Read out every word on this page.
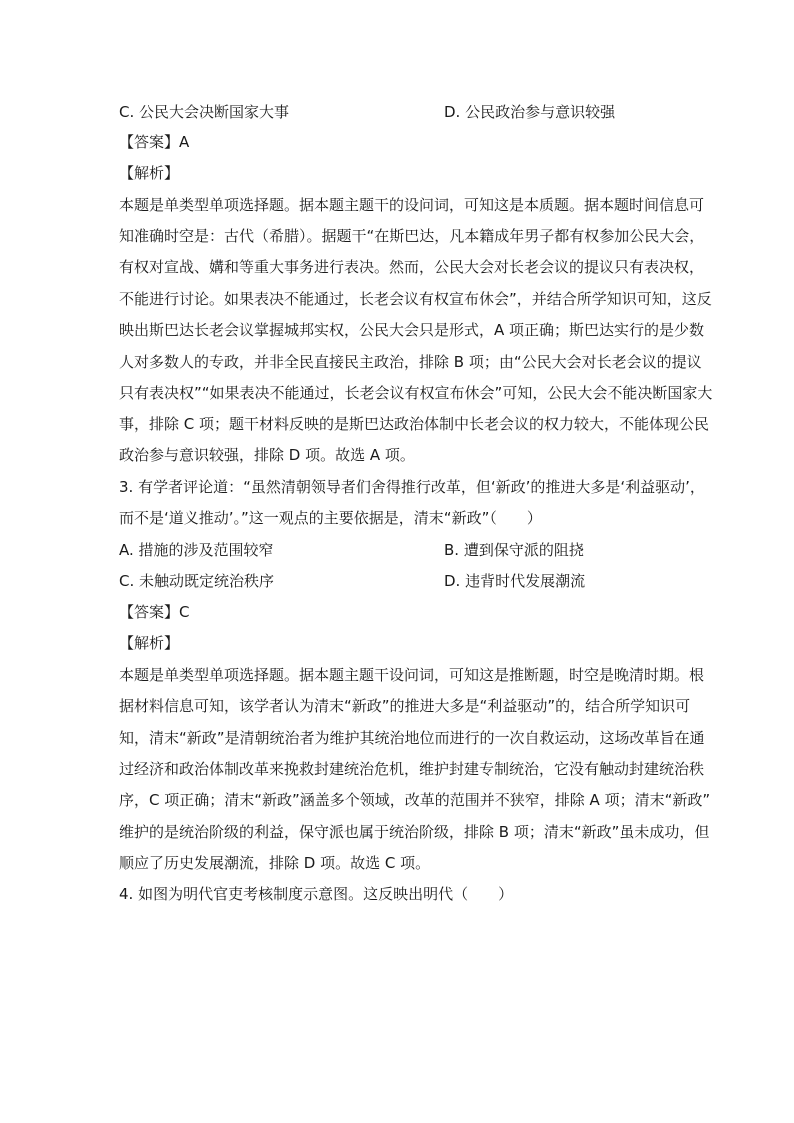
C. 公民大会决断国家大事	D. 公民政治参与意识较强
【答案】A
【解析】
本题是单类型单项选择题。据本题主题干的设问词，可知这是本质题。据本题时间信息可
知准确时空是：古代（希腊）。据题干“在斯巴达，凡本籍成年男子都有权参加公民大会，
有权对宣战、媾和等重大事务进行表决。然而，公民大会对长老会议的提议只有表决权，
不能进行讨论。如果表决不能通过，长老会议有权宣布休会”，并结合所学知识可知，这反
映出斯巴达长老会议掌握城邦实权，公民大会只是形式，A 项正确；斯巴达实行的是少数
人对多数人的专政，并非全民直接民主政治，排除 B 项；由“公民大会对长老会议的提议
只有表决权”“如果表决不能通过，长老会议有权宣布休会”可知，公民大会不能决断国家大
事，排除 C 项；题干材料反映的是斯巴达政治体制中长老会议的权力较大，不能体现公民
政治参与意识较强，排除 D 项。故选 A 项。
3. 有学者评论道：“虽然清朝领导者们舍得推行改革，但‘新政’的推进大多是‘利益驱动’，
而不是‘道义推动’。”这一观点的主要依据是，清末“新政”（　　）
A. 措施的涉及范围较窄	B. 遭到保守派的阻挠
C. 未触动既定统治秩序	D. 违背时代发展潮流
【答案】C
【解析】
本题是单类型单项选择题。据本题主题干设问词，可知这是推断题，时空是晚清时期。根
据材料信息可知，该学者认为清末“新政”的推进大多是“利益驱动”的，结合所学知识可
知，清末“新政”是清朝统治者为维护其统治地位而进行的一次自救运动，这场改革旨在通
过经济和政治体制改革来挽救封建统治危机，维护封建专制统治，它没有触动封建统治秩
序，C 项正确；清末“新政”涵盖多个领域，改革的范围并不狭窄，排除 A 项；清末“新政”
维护的是统治阶级的利益，保守派也属于统治阶级，排除 B 项；清末“新政”虽未成功，但
顺应了历史发展潮流，排除 D 项。故选 C 项。
4. 如图为明代官吏考核制度示意图。这反映出明代（　　）
